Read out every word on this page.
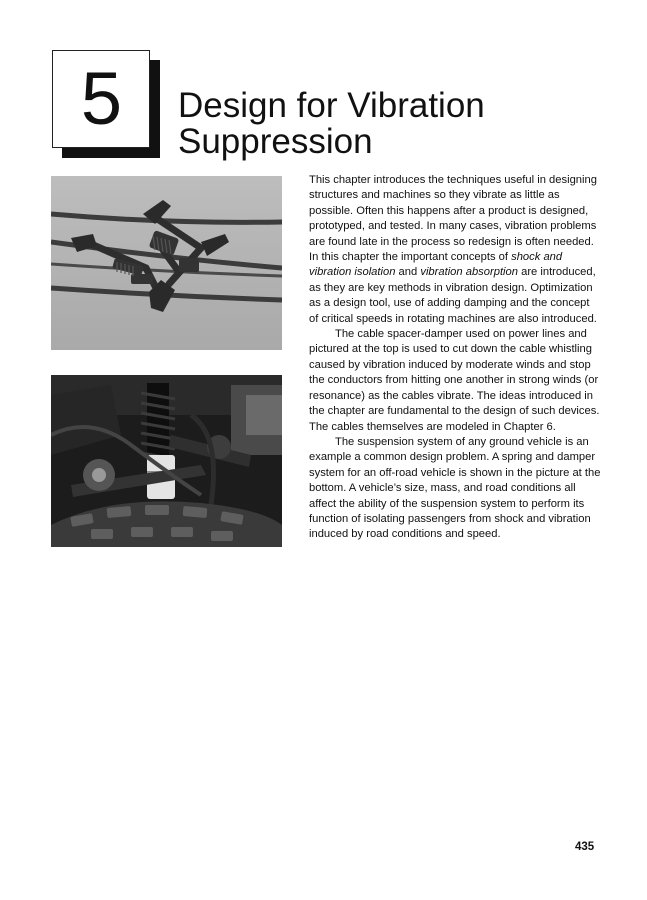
5 Design for Vibration
Suppression

This chapter introduces the techniques useful in designing structures and machines so they vibrate as little as possible. Often this happens after a product is designed, prototyped, and tested. In many cases, vibration problems are found late in the process so redesign is often needed. In this chapter the important concepts of shock and vibration isolation and vibration absorption are introduced, as they are key methods in vibration design. Optimization as a design tool, use of adding damping and the concept of critical speeds in rotating machines are also introduced.

The cable spacer-damper used on power lines and pictured at the top is used to cut down the cable whistling caused by vibration induced by moderate winds and stop the conductors from hitting one another in strong winds (or resonance) as the cables vibrate. The ideas introduced in the chapter are fundamental to the design of such devices. The cables themselves are modeled in Chapter 6.

The suspension system of any ground vehicle is an example a common design problem. A spring and damper system for an off-road vehicle is shown in the picture at the bottom. A vehicle’s size, mass, and road conditions all affect the ability of the suspension system to perform its function of isolating passengers from shock and vibration induced by road conditions and speed.

435
